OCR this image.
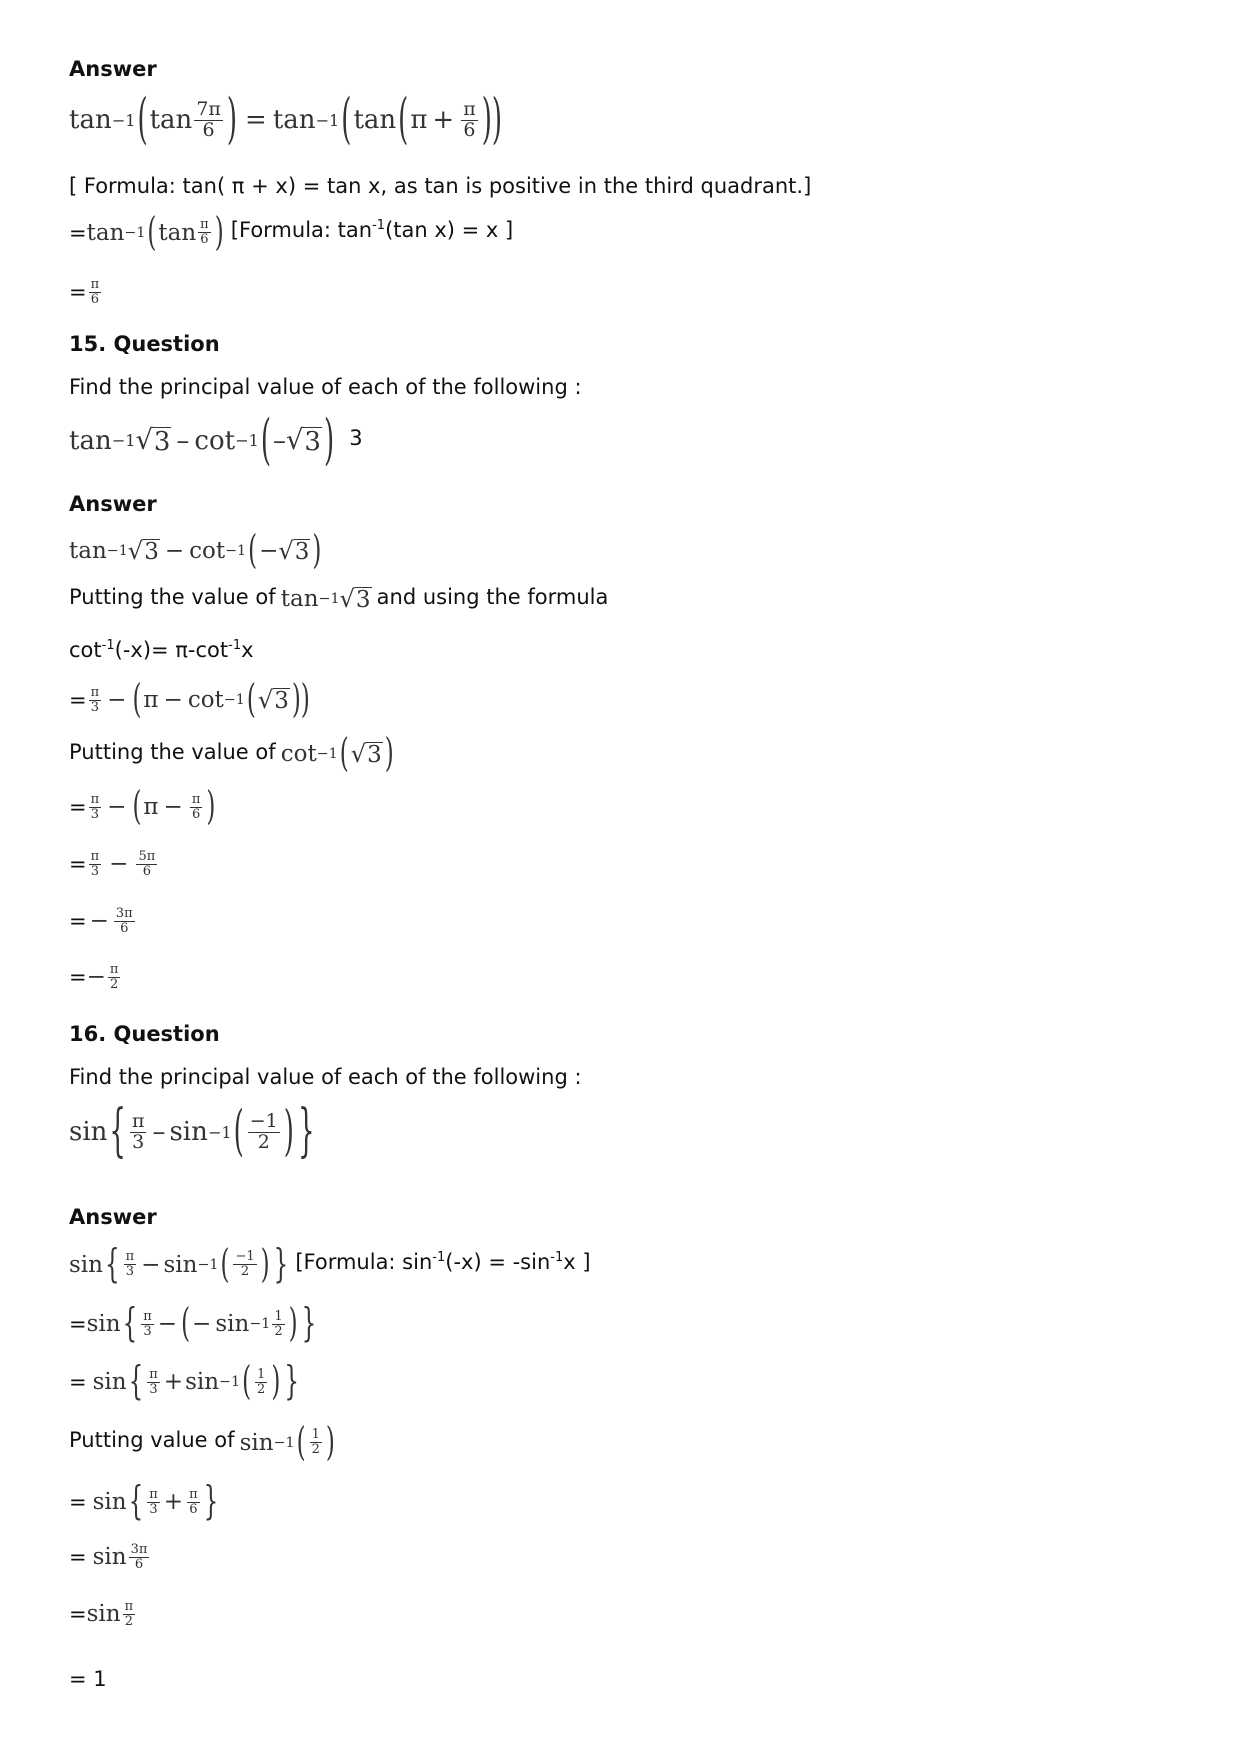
Answer
tan −1 ( tan 7π
6 ) = tan −1 ( tan ( $\pi + \frac{\pi}{6}$ ))
[ Formula: tan( π + x) = tan x, as tan is positive in the third quadrant.]
= tan −1 ( tan π
6 ) [Formula: $\tan^{-1}(\tan$ x) = x ]
= $\frac{\pi}{6}$
15. Question
Find the principal value of each of the following :
tan −1 √ 3 – cot −1 ( – √ 3 ) 3
Answer
tan −1 √ 3 − cot −1 ( − √ 3 )
Putting the value of tan −1 √ 3 and using the formula
$\cot^{-1}(-x)= \pi-\cot^{-1}x$
= $\frac{\pi}{3}$ − ( π − cot −1 ( √ 3 ))
Putting the value of cot −1 ( √ 3 )
= $\frac{\pi}{3}$ − ( $\pi - \frac{\pi}{6}$ )
= $\frac{\pi}{3} - \frac{5\pi}{6}$
= − $\frac{3\pi}{6}$
= − $\frac{\pi}{2}$
16. Question
Find the principal value of each of the following :
sin { π
3 – sin −1 ( −1
2 ) }
Answer
sin { π
3 − sin −1 ( −1
2 ) } [Formula: $\sin^{-1}(-x) = -\sin^{-1}x$ ]
= sin { π
3 − ( − sin −1 1
2 ) }
= sin { π
3 + sin −1 ( 1
2 ) }
Putting value of sin −1 ( 1
2 )
= sin { π
$3 + \frac{\pi}{6}$ }
= sin 3π
6
= sin π
2
= 1
